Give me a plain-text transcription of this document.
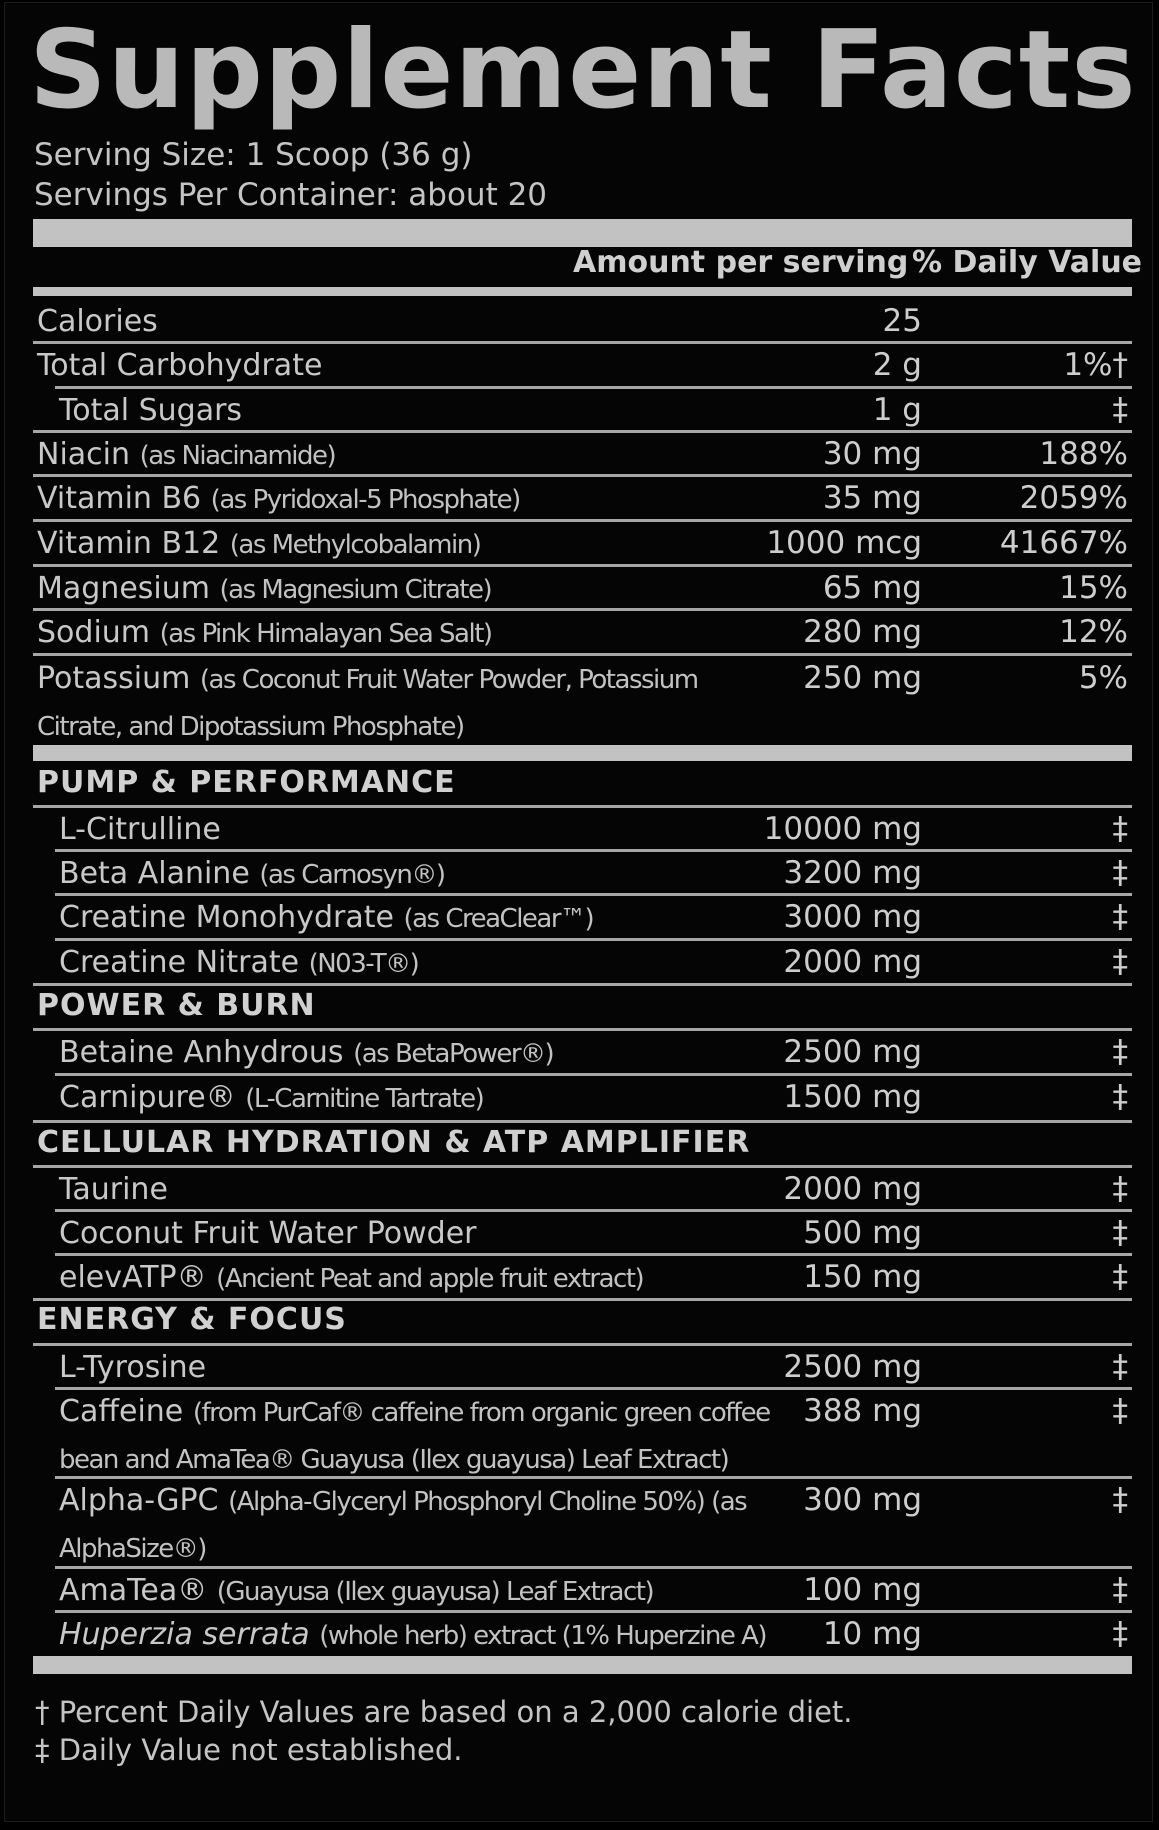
Supplement Facts
Serving Size: 1 Scoop (36 g)
Servings Per Container: about 20
Amount per serving % Daily Value
Calories	25
Total Carbohydrate	2 g	1%†
Total Sugars	1 g	‡
Niacin (as Niacinamide)	30 mg	188%
Vitamin B6 (as Pyridoxal-5 Phosphate)	35 mg	2059%
Vitamin B12 (as Methylcobalamin)	1000 mcg	41667%
Magnesium (as Magnesium Citrate)	65 mg	15%
Sodium (as Pink Himalayan Sea Salt)	280 mg	12%
Potassium (as Coconut Fruit Water Powder, Potassium Citrate, and Dipotassium Phosphate)
250 mg	5%
PUMP & PERFORMANCE
L-Citrulline	10000 mg	‡
Beta Alanine (as Carnosyn®)	3200 mg	‡
Creatine Monohydrate (as CreaClear™)	3000 mg	‡
Creatine Nitrate (N03-T®)	2000 mg	‡
POWER & BURN
Betaine Anhydrous (as BetaPower®)	2500 mg	‡
Carnipure® (L-Carnitine Tartrate)	1500 mg	‡
CELLULAR HYDRATION & ATP AMPLIFIER
Taurine	2000 mg	‡
Coconut Fruit Water Powder	500 mg	‡
elevATP® (Ancient Peat and apple fruit extract)	150 mg	‡
ENERGY & FOCUS
L-Tyrosine	2500 mg	‡
Caffeine (from PurCaf® caffeine from organic green coffee bean and AmaTea® Guayusa (Ilex guayusa) Leaf Extract)
388 mg	‡
Alpha-GPC (Alpha-Glyceryl Phosphoryl Choline 50%) (as AlphaSize®)
300 mg	‡
AmaTea® (Guayusa (Ilex guayusa) Leaf Extract)	100 mg	‡
Huperzia serrata (whole herb) extract (1% Huperzine A) 10 mg	‡
† Percent Daily Values are based on a 2,000 calorie diet.
‡ Daily Value not established.
